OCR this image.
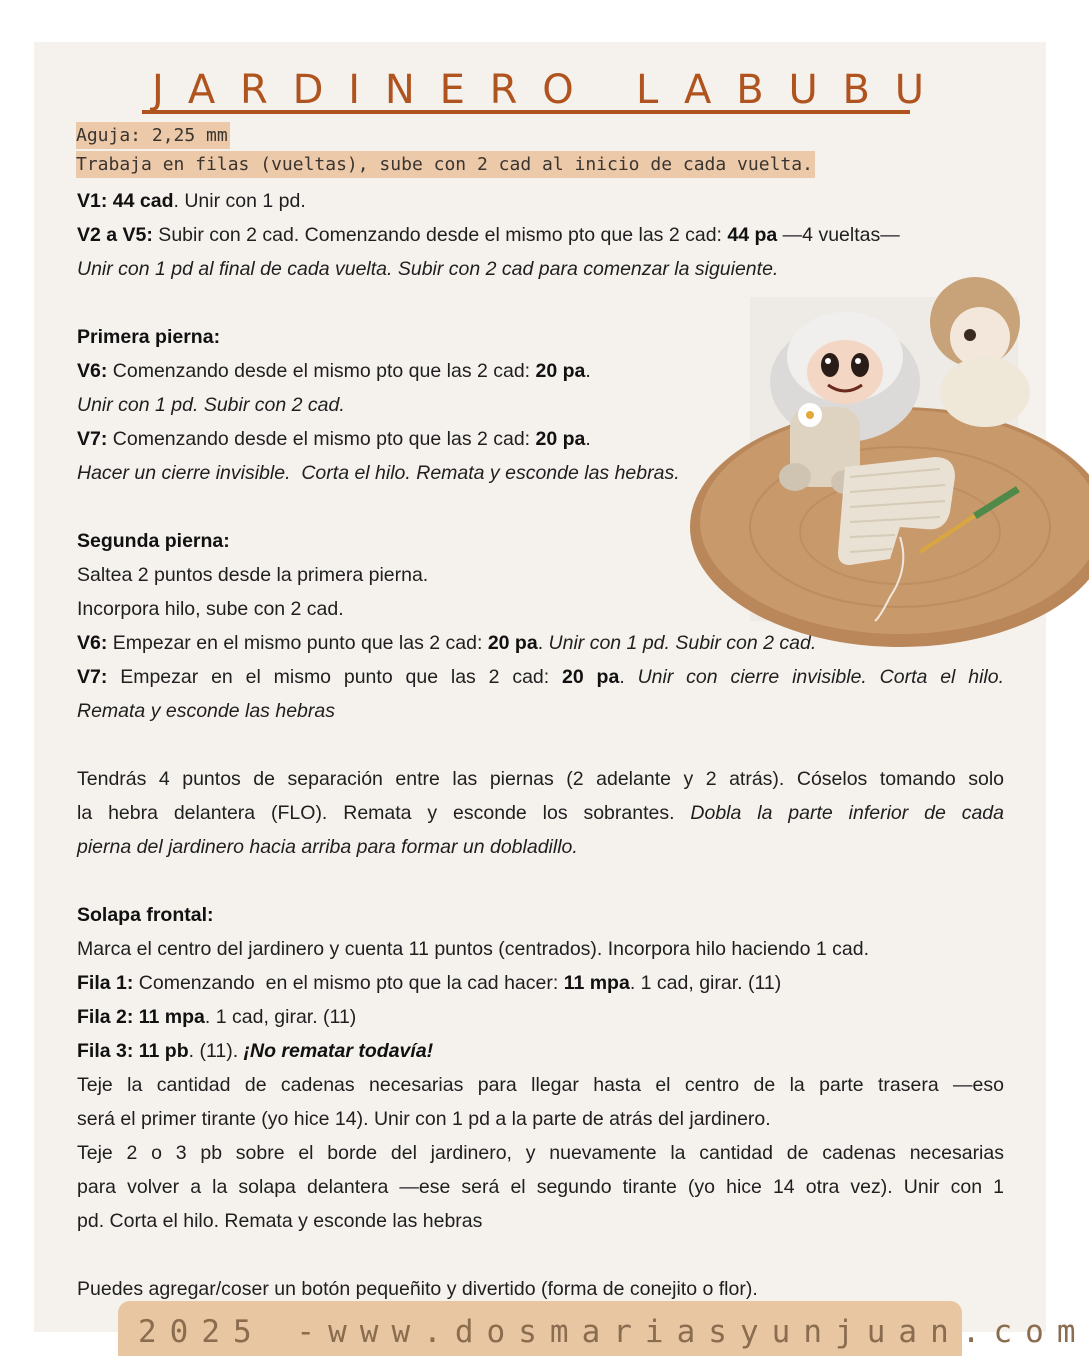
JARDINERO LABUBU
Aguja: 2,25 mm
Trabaja en filas (vueltas), sube con 2 cad al inicio de cada vuelta.
V1: 44 cad. Unir con 1 pd.
V2 a V5: Subir con 2 cad. Comenzando desde el mismo pto que las 2 cad: 44 pa —4 vueltas—
Unir con 1 pd al final de cada vuelta. Subir con 2 cad para comenzar la siguiente.
Primera pierna:
V6: Comenzando desde el mismo pto que las 2 cad: 20 pa.
Unir con 1 pd. Subir con 2 cad.
V7: Comenzando desde el mismo pto que las 2 cad: 20 pa.
Hacer un cierre invisible.  Corta el hilo. Remata y esconde las hebras.
Segunda pierna:
Saltea 2 puntos desde la primera pierna.
Incorpora hilo, sube con 2 cad.
V6: Empezar en el mismo punto que las 2 cad: 20 pa. Unir con 1 pd. Subir con 2 cad.
V7: Empezar en el mismo punto que las 2 cad: 20 pa. Unir con cierre invisible. Corta el hilo.
Remata y esconde las hebras
Tendrás 4 puntos de separación entre las piernas (2 adelante y 2 atrás). Cóselos tomando solo
la hebra delantera (FLO). Remata y esconde los sobrantes. Dobla la parte inferior de cada
pierna del jardinero hacia arriba para formar un dobladillo.
Solapa frontal:
Marca el centro del jardinero y cuenta 11 puntos (centrados). Incorpora hilo haciendo 1 cad.
Fila 1: Comenzando  en el mismo pto que la cad hacer: 11 mpa. 1 cad, girar. (11)
Fila 2: 11 mpa. 1 cad, girar. (11)
Fila 3: 11 pb. (11). ¡No rematar todavía!
Teje la cantidad de cadenas necesarias para llegar hasta el centro de la parte trasera —eso
será el primer tirante (yo hice 14). Unir con 1 pd a la parte de atrás del jardinero.
Teje 2 o 3 pb sobre el borde del jardinero, y nuevamente la cantidad de cadenas necesarias
para volver a la solapa delantera —ese será el segundo tirante (yo hice 14 otra vez). Unir con 1
pd. Corta el hilo. Remata y esconde las hebras
Puedes agregar/coser un botón pequeñito y divertido (forma de conejito o flor).
2025 -www.dosmariasyunjuan.com
